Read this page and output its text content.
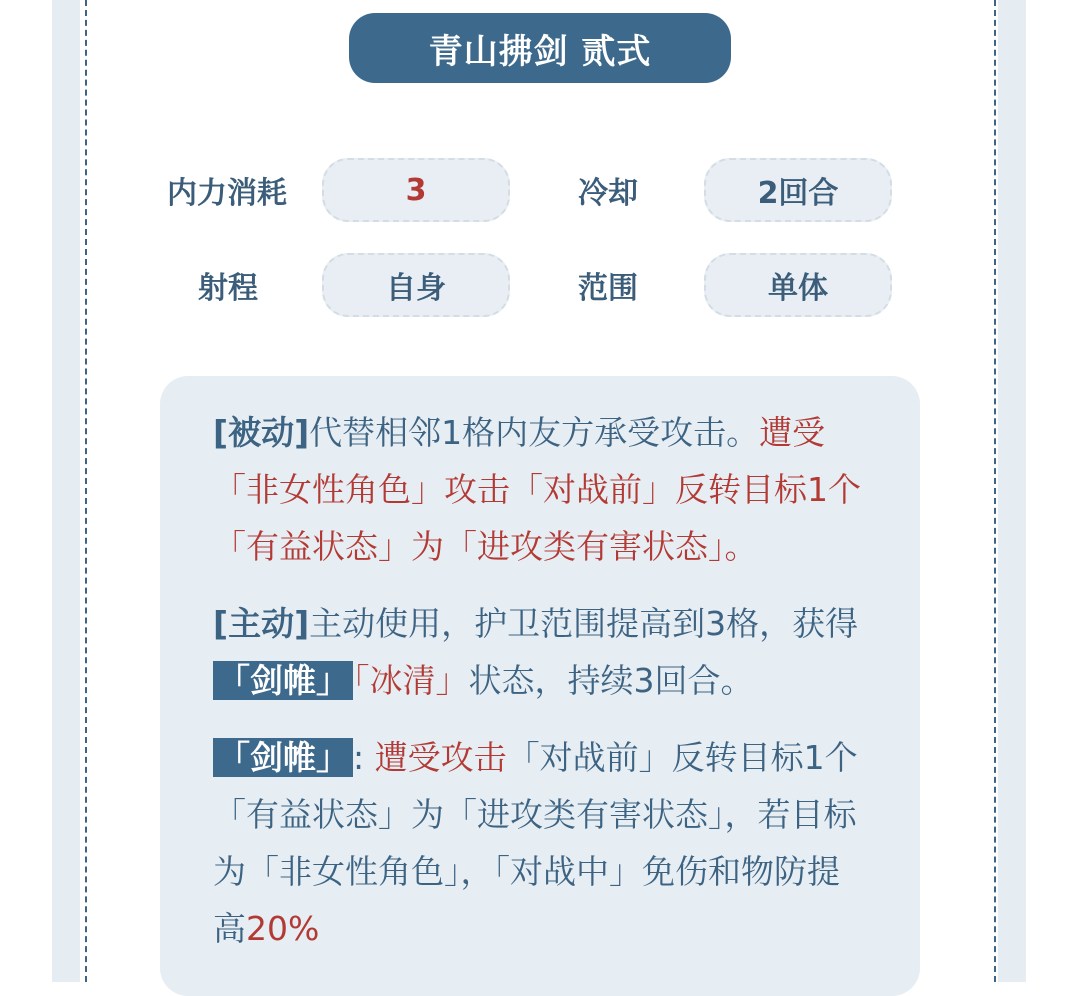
青山拂剑 贰式
内力消耗	3	冷却	2回合
射程	自身	范围	单体

[被动]代替相邻1格内友方承受攻击。遭受「非女性角色」攻击「对战前」反转目标1个「有益状态」为「进攻类有害状态」。

[主动]主动使用，护卫范围提高到3格，获得「剑帷」 「冰清」状态，持续3回合。

「剑帷」 : 遭受攻击「对战前」反转目标1个「有益状态」为「进攻类有害状态」，若目标为「非女性角色」，「对战中」免伤和物防提高20%
